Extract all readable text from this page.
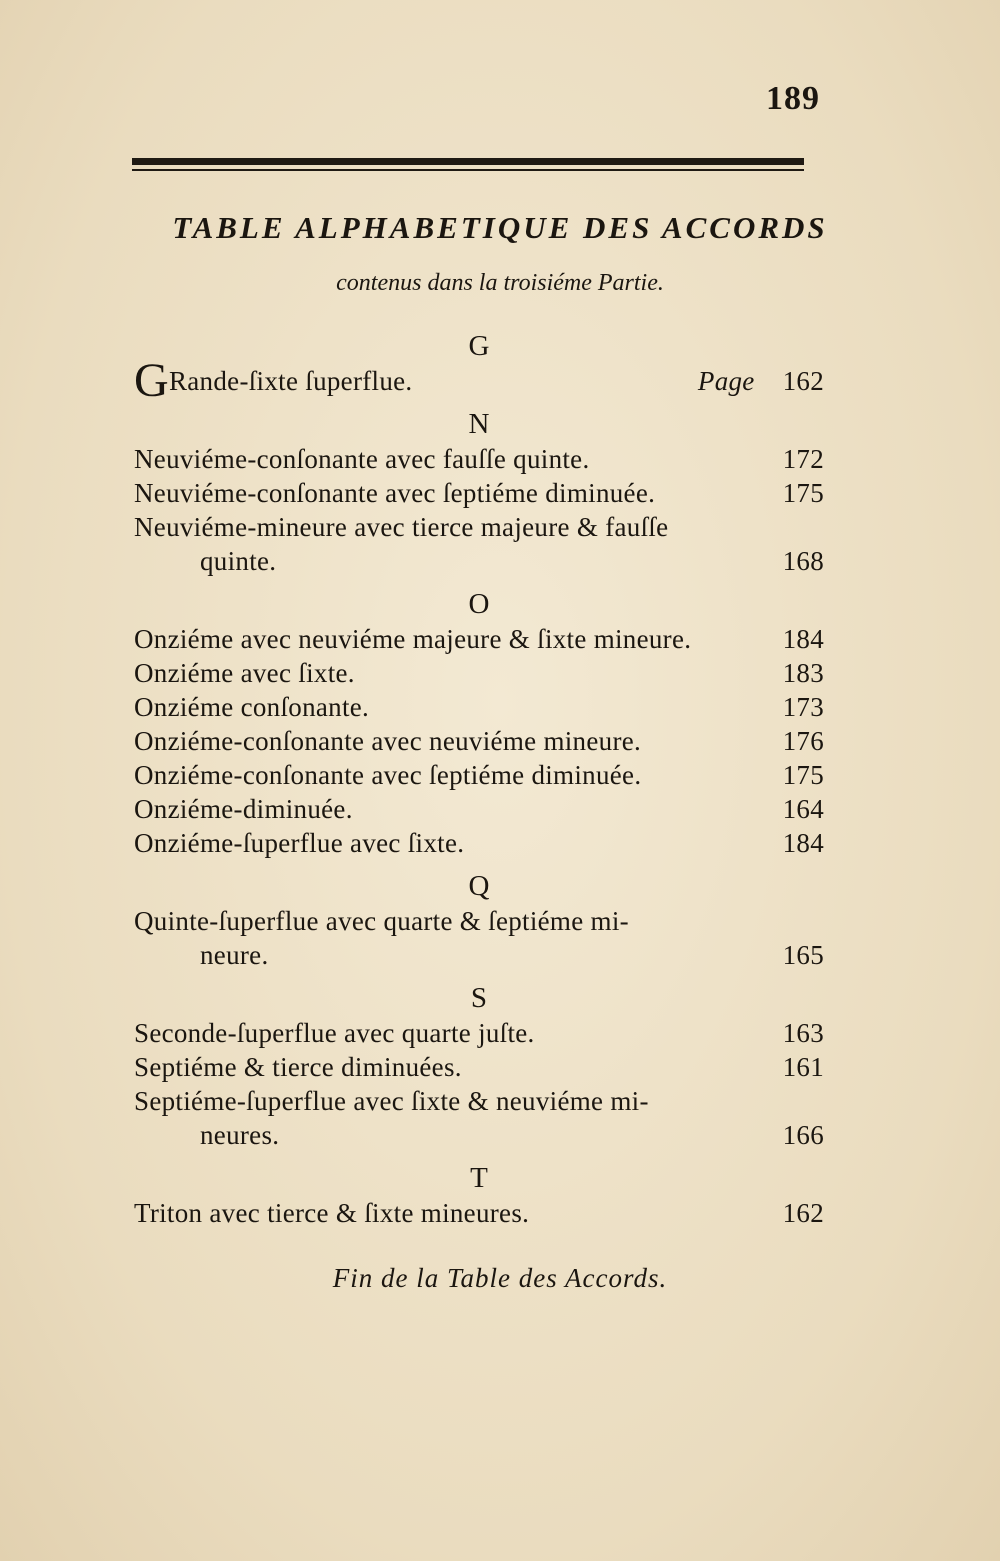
189
TABLE ALPHABETIQUE DES ACCORDS
contenus dans la troisiéme Partie.
G
GRande-ſixte ſuperflue.	Page 162
N
Neuviéme-conſonante avec fauſſe quinte.	172
Neuviéme-conſonante avec ſeptiéme diminuée.	175
Neuviéme-mineure avec tierce majeure & fauſſe
quinte.	168
O
Onziéme avec neuviéme majeure & ſixte mineure.	184
Onziéme avec ſixte.	183
Onziéme conſonante.	173
Onziéme-conſonante avec neuviéme mineure.	176
Onziéme-conſonante avec ſeptiéme diminuée.	175
Onziéme-diminuée.	164
Onziéme-ſuperflue avec ſixte.	184
Q
Quinte-ſuperflue avec quarte & ſeptiéme mi-
neure.	165
S
Seconde-ſuperflue avec quarte juſte.	163
Septiéme & tierce diminuées.	161
Septiéme-ſuperflue avec ſixte & neuviéme mi-
neures.	166
T
Triton avec tierce & ſixte mineures.	162
Fin de la Table des Accords.
